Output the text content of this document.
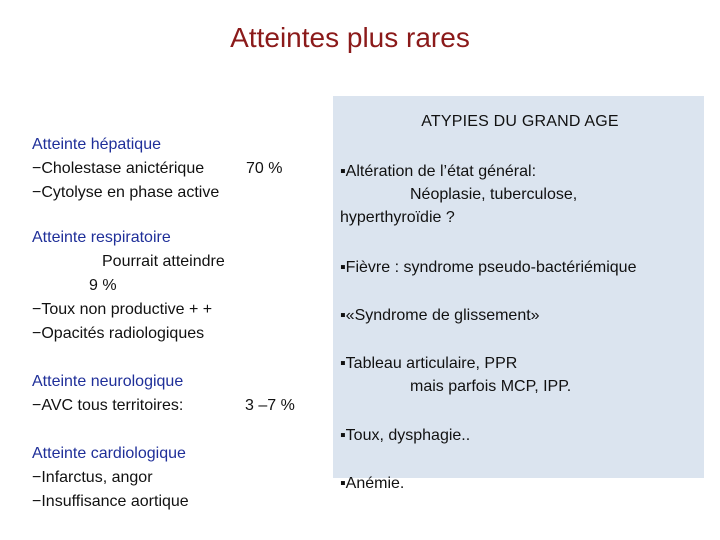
Atteintes plus rares
Atteinte hépatique
−Cholestase anictérique	70 %
−Cytolyse en phase active
Atteinte respiratoire
Pourrait atteindre
9 %
−Toux non productive + +
−Opacités radiologiques
Atteinte neurologique
−AVC tous territoires:	3 –7 %
Atteinte cardiologique
−Infarctus, angor
−Insuffisance aortique
ATYPIES DU GRAND AGE
▪Altération de l’état général:
Néoplasie, tuberculose,
hyperthyroïdie ?
▪Fièvre : syndrome pseudo-bactériémique
▪«Syndrome de glissement»
▪Tableau articulaire, PPR
mais parfois MCP, IPP.
▪Toux, dysphagie..
▪Anémie.
